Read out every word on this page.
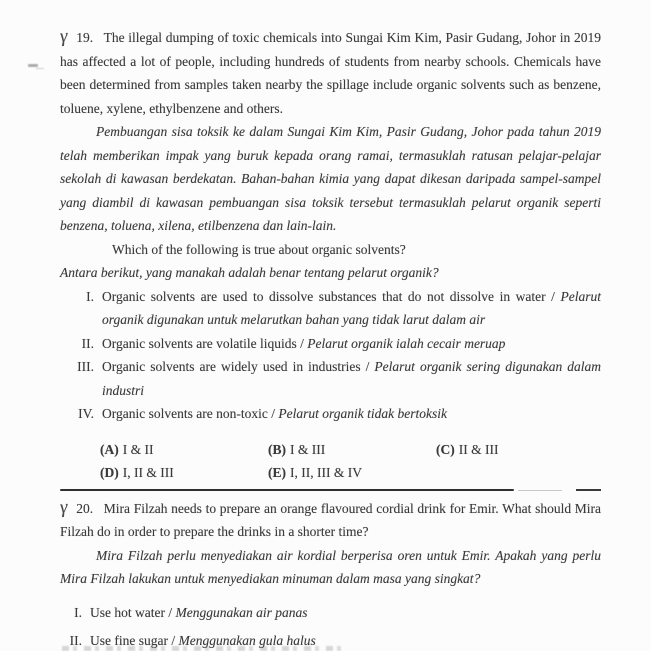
γ 19. The illegal dumping of toxic chemicals into Sungai Kim Kim, Pasir Gudang, Johor in 2019 has affected a lot of people, including hundreds of students from nearby schools. Chemicals have been determined from samples taken nearby the spillage include organic solvents such as benzene, toluene, xylene, ethylbenzene and others.

Pembuangan sisa toksik ke dalam Sungai Kim Kim, Pasir Gudang, Johor pada tahun 2019 telah memberikan impak yang buruk kepada orang ramai, termasuklah ratusan pelajar-pelajar sekolah di kawasan berdekatan. Bahan-bahan kimia yang dapat dikesan daripada sampel-sampel yang diambil di kawasan pembuangan sisa toksik tersebut termasuklah pelarut organik seperti benzena, toluena, xilena, etilbenzena dan lain-lain.

Which of the following is true about organic solvents?

Antara berikut, yang manakah adalah benar tentang pelarut organik?

I. Organic solvents are used to dissolve substances that do not dissolve in water / Pelarut organik digunakan untuk melarutkan bahan yang tidak larut dalam air
II. Organic solvents are volatile liquids / Pelarut organik ialah cecair meruap
III. Organic solvents are widely used in industries / Pelarut organik sering digunakan dalam industri
IV. Organic solvents are non-toxic / Pelarut organik tidak bertoksik
(A) I & II	(B) I & III	(C) II & III
(D) I, II & III	(E) I, II, III & IV

γ 20. Mira Filzah needs to prepare an orange flavoured cordial drink for Emir. What should Mira Filzah do in order to prepare the drinks in a shorter time?

Mira Filzah perlu menyediakan air kordial berperisa oren untuk Emir. Apakah yang perlu Mira Filzah lakukan untuk menyediakan minuman dalam masa yang singkat?

I. Use hot water / Menggunakan air panas
II. Use fine sugar / Menggunakan gula halus
